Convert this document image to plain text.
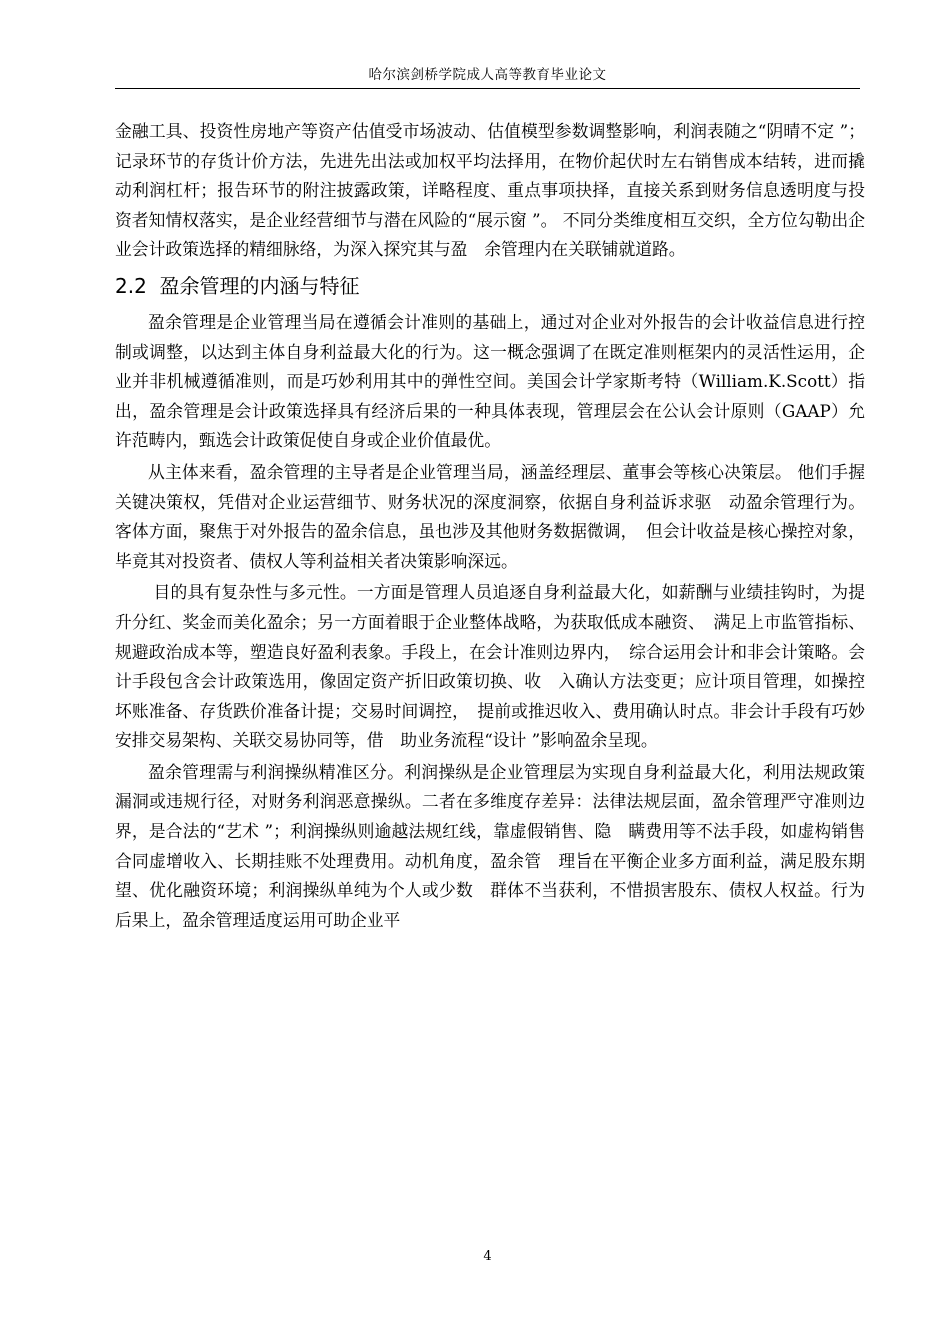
哈尔滨剑桥学院成人高等教育毕业论文

金融工具、投资性房地产等资产估值受市场波动、估值模型参数调整影响，利润表随之“阴晴不定 ”；记录环节的存货计价方法，先进先出法或加权平均法择用，在物价起伏时左右销售成本结转，进而撬动利润杠杆；报告环节的附注披露政策，详略程度、重点事项抉择，直接关系到财务信息透明度与投资者知情权落实，是企业经营细节与潜在风险的“展示窗 ”。 不同分类维度相互交织，全方位勾勒出企业会计政策选择的精细脉络，为深入探究其与盈　余管理内在关联铺就道路。

2.2  盈余管理的内涵与特征

盈余管理是企业管理当局在遵循会计准则的基础上，通过对企业对外报告的会计收益信息进行控制或调整，以达到主体自身利益最大化的行为。这一概念强调了在既定准则框架内的灵活性运用，企业并非机械遵循准则，而是巧妙利用其中的弹性空间。美国会计学家斯考特（William.K.Scott）指出，盈余管理是会计政策选择具有经济后果的一种具体表现，管理层会在公认会计原则（GAAP）允许范畴内，甄选会计政策促使自身或企业价值最优。

从主体来看，盈余管理的主导者是企业管理当局，涵盖经理层、董事会等核心决策层。 他们手握关键决策权，凭借对企业运营细节、财务状况的深度洞察，依据自身利益诉求驱　动盈余管理行为。客体方面，聚焦于对外报告的盈余信息，虽也涉及其他财务数据微调，　但会计收益是核心操控对象，毕竟其对投资者、债权人等利益相关者决策影响深远。

目的具有复杂性与多元性。一方面是管理人员追逐自身利益最大化，如薪酬与业绩挂钩时，为提升分红、奖金而美化盈余；另一方面着眼于企业整体战略，为获取低成本融资、　满足上市监管指标、规避政治成本等，塑造良好盈利表象。手段上，在会计准则边界内，　综合运用会计和非会计策略。会计手段包含会计政策选用，像固定资产折旧政策切换、收　入确认方法变更；应计项目管理，如操控坏账准备、存货跌价准备计提；交易时间调控，　提前或推迟收入、费用确认时点。非会计手段有巧妙安排交易架构、关联交易协同等，借　助业务流程“设计 ”影响盈余呈现。

盈余管理需与利润操纵精准区分。利润操纵是企业管理层为实现自身利益最大化，利用法规政策漏洞或违规行径，对财务利润恶意操纵。二者在多维度存差异：法律法规层面，盈余管理严守准则边界，是合法的“艺术 ”；利润操纵则逾越法规红线，靠虚假销售、隐　瞒费用等不法手段，如虚构销售合同虚增收入、长期挂账不处理费用。动机角度，盈余管　理旨在平衡企业多方面利益，满足股东期望、优化融资环境；利润操纵单纯为个人或少数　群体不当获利，不惜损害股东、债权人权益。行为后果上，盈余管理适度运用可助企业平

4
